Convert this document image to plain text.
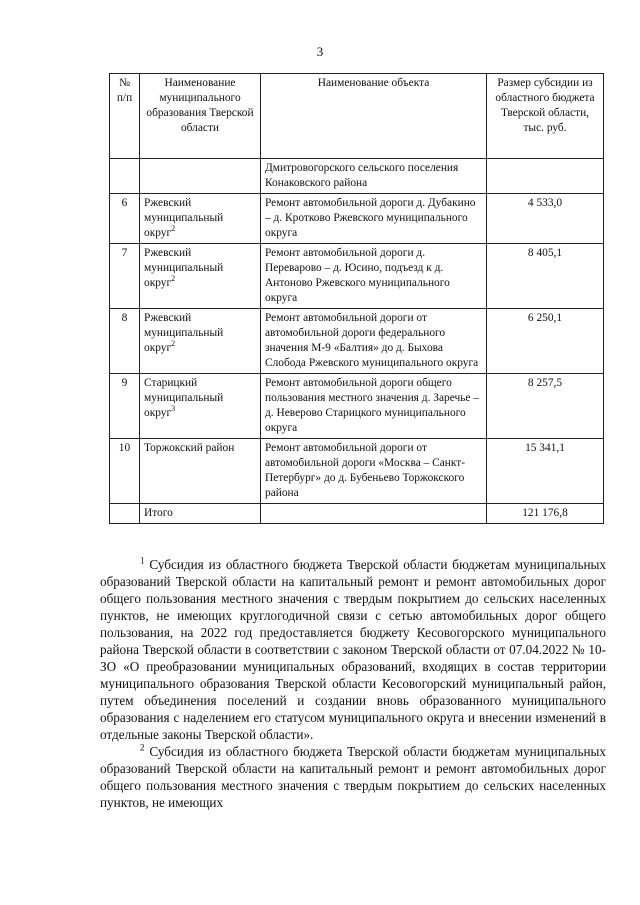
3
№ п/п	Наименование муниципального образования Тверской области	Наименование объекта	Размер субсидии из областного бюджета Тверской области, тыс. руб.
		Дмитровогорского сельского поселения Конаковского района	
6	Ржевский муниципальный округ$^2$	Ремонт автомобильной дороги д. Дубакино – д. Кротково Ржевского муниципального округа	4 533,0
7	Ржевский муниципальный округ$^2$	Ремонт автомобильной дороги д. Переварово – д. Юсино, подъезд к д. Антоново Ржевского муниципального округа	8 405,1
8	Ржевский муниципальный округ$^2$	Ремонт автомобильной дороги от автомобильной дороги федерального значения М-9 «Балтия» до д. Быхова Слобода Ржевского муниципального округа	6 250,1
9	Старицкий муниципальный округ$^3$	Ремонт автомобильной дороги общего пользования местного значения д. Заречье – д. Неверово Старицкого муниципального округа	8 257,5
10	Торжокский район	Ремонт автомобильной дороги от автомобильной дороги «Москва – Санкт-Петербург» до д. Бубеньево Торжокского района	15 341,1
	Итого		121 176,8

$^1$ Субсидия из областного бюджета Тверской области бюджетам муниципальных образований Тверской области на капитальный ремонт и ремонт автомобильных дорог общего пользования местного значения с твердым покрытием до сельских населенных пунктов, не имеющих круглогодичной связи с сетью автомобильных дорог общего пользования, на 2022 год предоставляется бюджету Кесовогорского муниципального района Тверской области в соответствии с законом Тверской области от 07.04.2022 № 10-ЗО «О преобразовании муниципальных образований, входящих в состав территории муниципального образования Тверской области Кесовогорский муниципальный район, путем объединения поселений и создании вновь образованного муниципального образования с наделением его статусом муниципального округа и внесении изменений в отдельные законы Тверской области».

$^2$ Субсидия из областного бюджета Тверской области бюджетам муниципальных образований Тверской области на капитальный ремонт и ремонт автомобильных дорог общего пользования местного значения с твердым покрытием до сельских населенных пунктов, не имеющих
